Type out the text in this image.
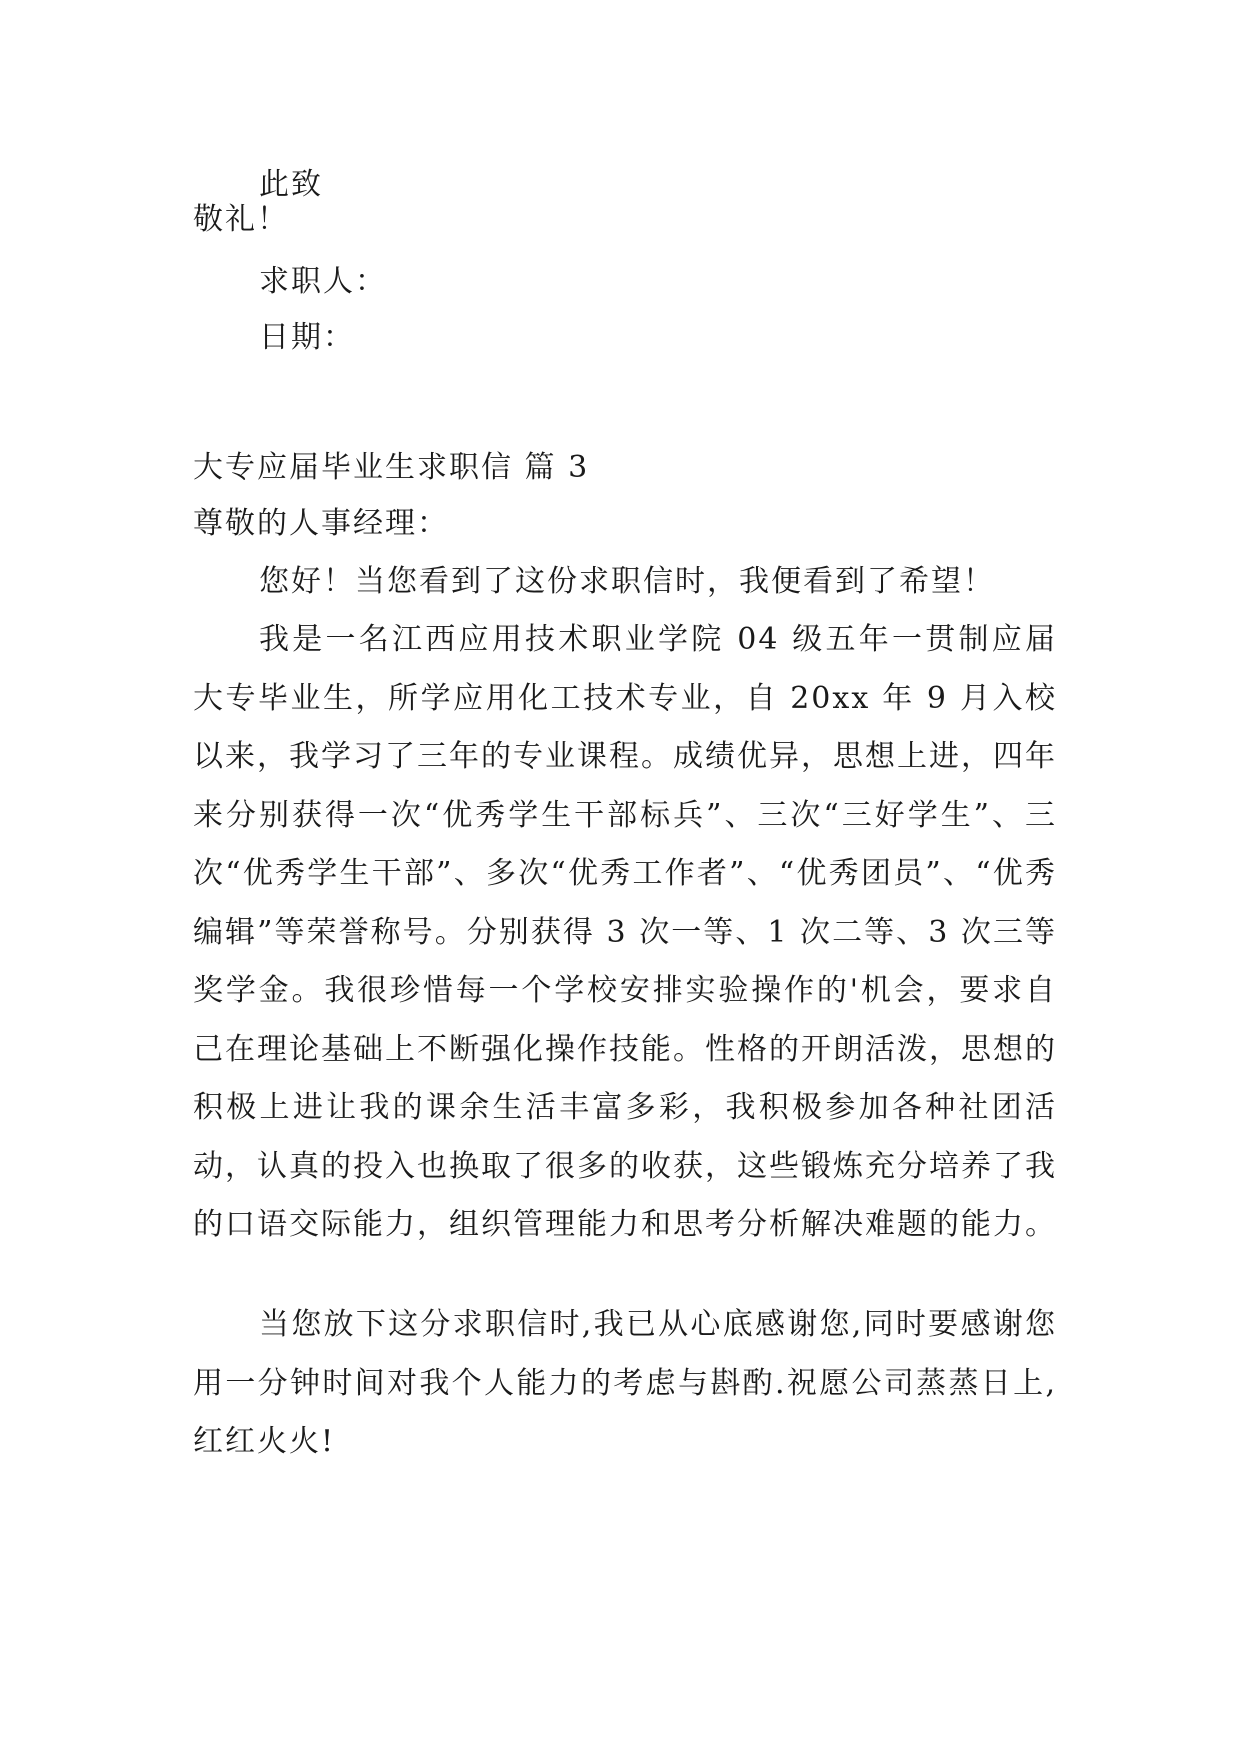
此致
敬礼！
求职人：
日期：
大专应届毕业生求职信 篇 3
尊敬的人事经理：
您好！当您看到了这份求职信时，我便看到了希望！
我是一名江西应用技术职业学院 04 级五年一贯制应届大专毕业生，所学应用化工技术专业，自 20xx 年 9 月入校以来，我学习了三年的专业课程。成绩优异，思想上进，四年来分别获得一次“优秀学生干部标兵”、三次“三好学生”、三次“优秀学生干部”、多次“优秀工作者”、“优秀团员”、“优秀编辑”等荣誉称号。分别获得 3 次一等、1 次二等、3 次三等奖学金。我很珍惜每一个学校安排实验操作的'机会，要求自己在理论基础上不断强化操作技能。性格的开朗活泼，思想的积极上进让我的课余生活丰富多彩，我积极参加各种社团活动，认真的投入也换取了很多的收获，这些锻炼充分培养了我的口语交际能力，组织管理能力和思考分析解决难题的能力。
当您放下这分求职信时,我已从心底感谢您,同时要感谢您用一分钟时间对我个人能力的考虑与斟酌.祝愿公司蒸蒸日上,红红火火!
